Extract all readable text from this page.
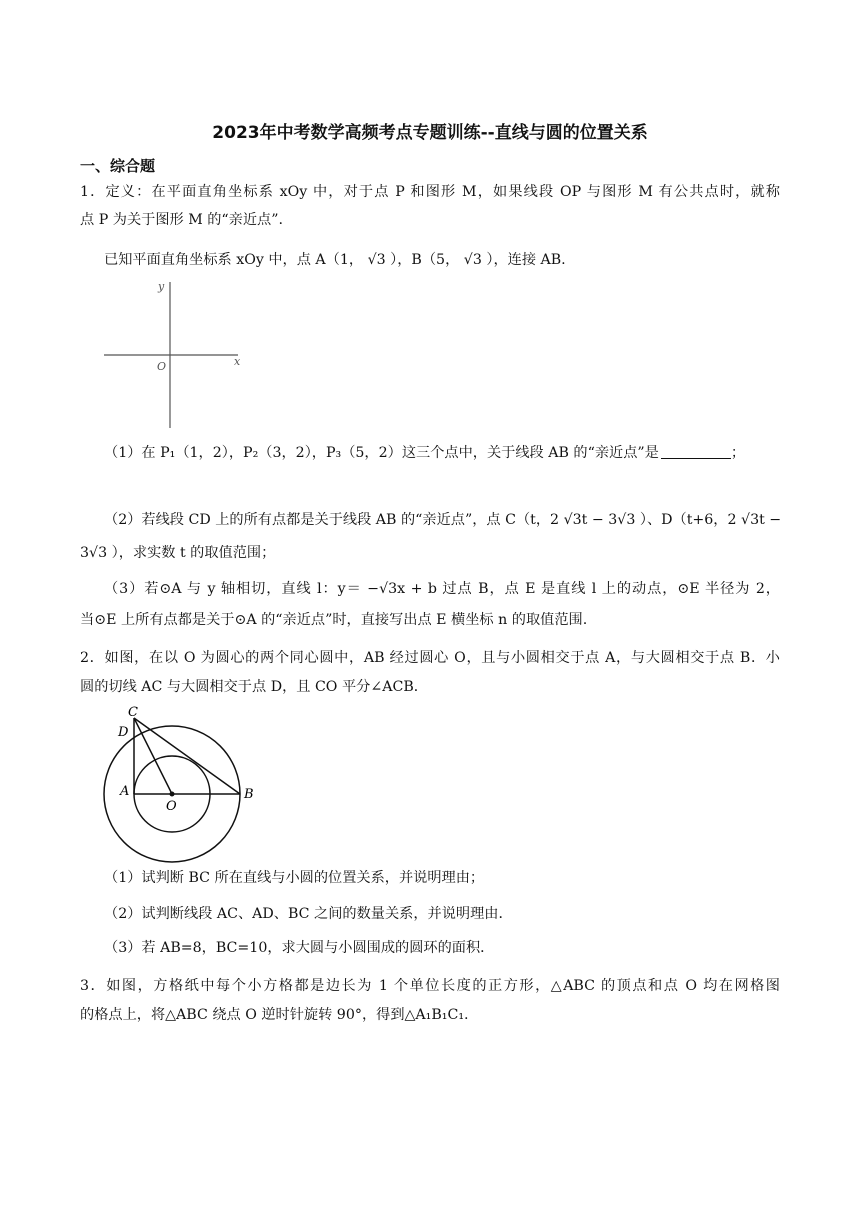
2023年中考数学高频考点专题训练--直线与圆的位置关系
一、综合题
1．定义：在平面直角坐标系 xOy 中，对于点 P 和图形 M，如果线段 OP 与图形 M 有公共点时，就称
点 P 为关于图形 M 的“亲近点”.
已知平面直角坐标系 xOy 中，点 A（1， √3 ），B（5， √3 ），连接 AB.
y
x
O
（1）在 P₁（1，2），P₂（3，2），P₃（5，2）这三个点中，关于线段 AB 的“亲近点”是	；
（2）若线段 CD 上的所有点都是关于线段 AB 的“亲近点”，点 C（t，2 √3t − 3√3 ）、D（t+6，2 √3t −
3√3 ），求实数 t 的取值范围；
（3）若⊙A 与 y 轴相切，直线 l：y＝ −√3x + b 过点 B，点 E 是直线 l 上的动点，⊙E 半径为 2，
当⊙E 上所有点都是关于⊙A 的“亲近点”时，直接写出点 E 横坐标 n 的取值范围.
2．如图，在以 O 为圆心的两个同心圆中，AB 经过圆心 O，且与小圆相交于点 A，与大圆相交于点 B．小
圆的切线 AC 与大圆相交于点 D，且 CO 平分∠ACB．
C
D
A
O
B
（1）试判断 BC 所在直线与小圆的位置关系，并说明理由；
（2）试判断线段 AC、AD、BC 之间的数量关系，并说明理由．
（3）若 AB=8，BC=10，求大圆与小圆围成的圆环的面积．
3．如图，方格纸中每个小方格都是边长为 1 个单位长度的正方形，△ABC 的顶点和点 O 均在网格图
的格点上，将△ABC 绕点 O 逆时针旋转 90°，得到△A₁B₁C₁.
